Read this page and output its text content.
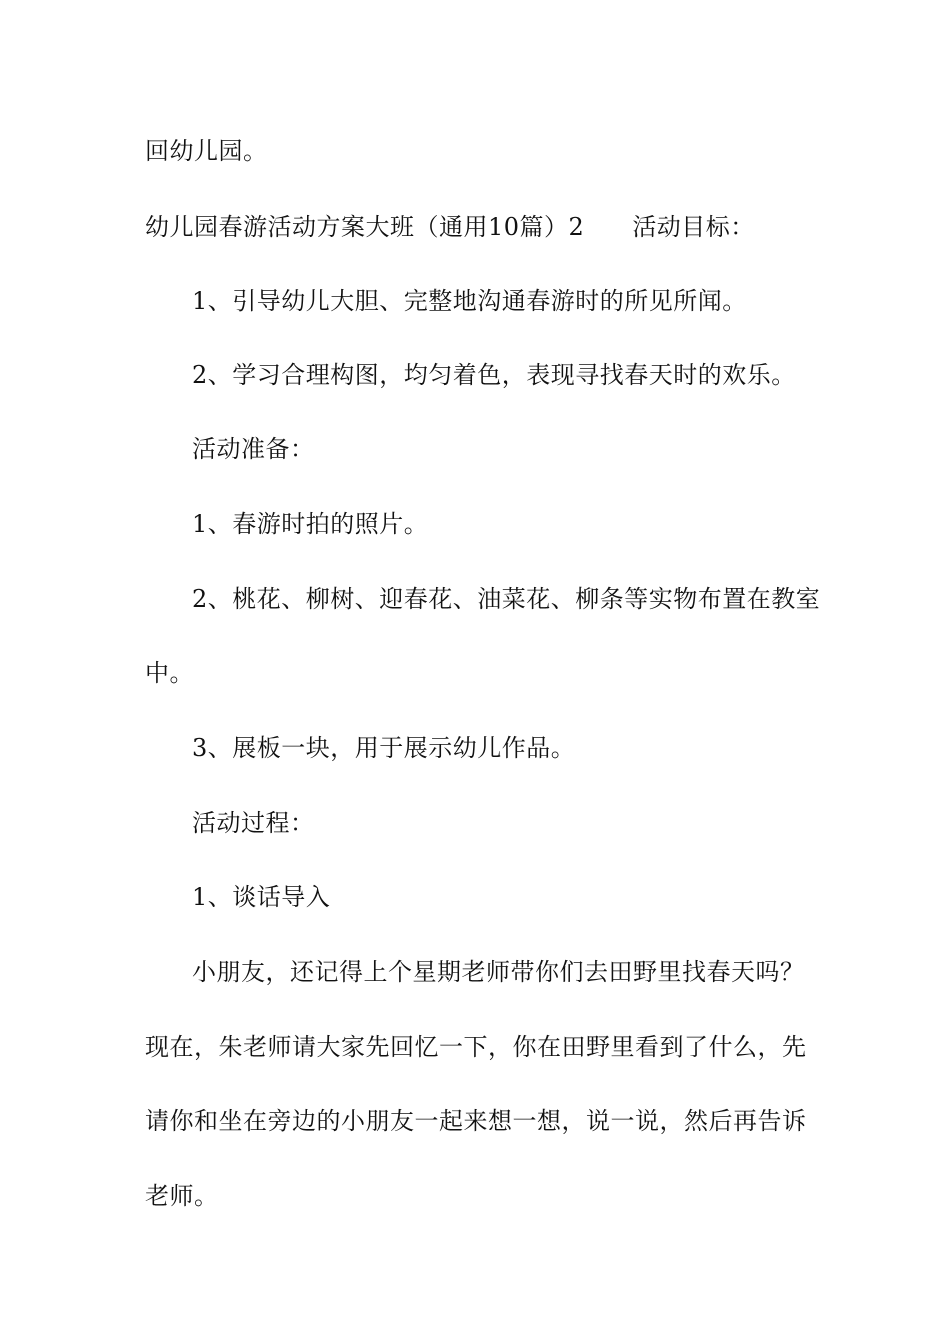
回幼儿园。
幼儿园春游活动方案大班（通用10篇）2 活动目标：
1、引导幼儿大胆、完整地沟通春游时的所见所闻。
2、学习合理构图，均匀着色，表现寻找春天时的欢乐。
活动准备：
1、春游时拍的照片。
2、桃花、柳树、迎春花、油菜花、柳条等实物布置在教室
中。
3、展板一块，用于展示幼儿作品。
活动过程：
1、谈话导入
小朋友，还记得上个星期老师带你们去田野里找春天吗？
现在，朱老师请大家先回忆一下，你在田野里看到了什么，先
请你和坐在旁边的小朋友一起来想一想，说一说，然后再告诉
老师。
